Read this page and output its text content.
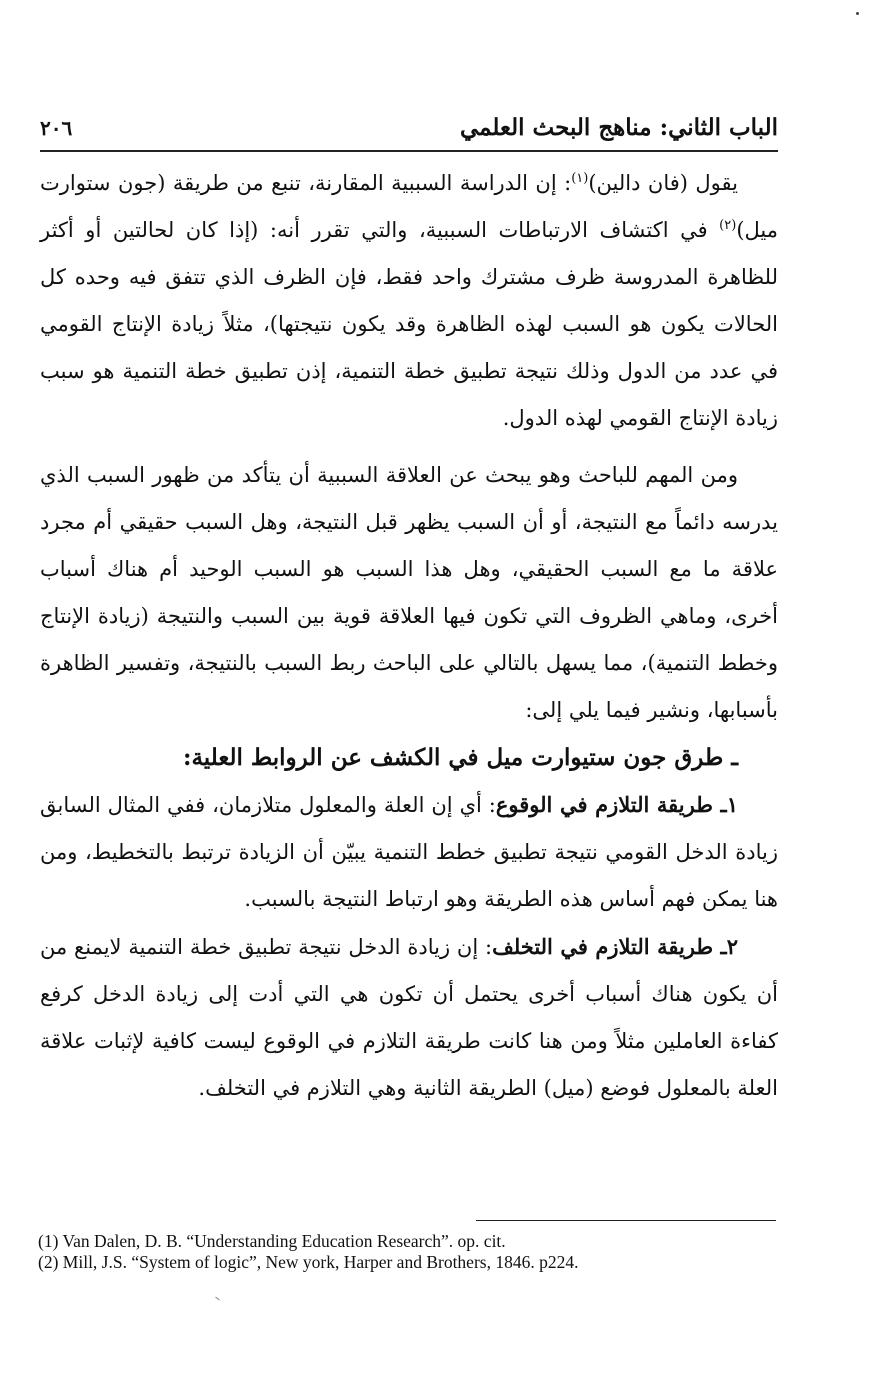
الباب الثاني: مناهج البحث العلمي
٢٠٦

يقول (فان دالين)$^{(١)}$: إن الدراسة السببية المقارنة، تنبع من طريقة (جون ستوارت ميل)$^{(٢)}$ في اكتشاف الارتباطات السببية، والتي تقرر أنه: (إذا كان لحالتين أو أكثر للظاهرة المدروسة ظرف مشترك واحد فقط، فإن الظرف الذي تتفق فيه وحده كل الحالات يكون هو السبب لهذه الظاهرة وقد يكون نتيجتها)، مثلاً زيادة الإنتاج القومي في عدد من الدول وذلك نتيجة تطبيق خطة التنمية، إذن تطبيق خطة التنمية هو سبب زيادة الإنتاج القومي لهذه الدول.

ومن المهم للباحث وهو يبحث عن العلاقة السببية أن يتأكد من ظهور السبب الذي يدرسه دائماً مع النتيجة، أو أن السبب يظهر قبل النتيجة، وهل السبب حقيقي أم مجرد علاقة ما مع السبب الحقيقي، وهل هذا السبب هو السبب الوحيد أم هناك أسباب أخرى، وماهي الظروف التي تكون فيها العلاقة قوية بين السبب والنتيجة (زيادة الإنتاج وخطط التنمية)، مما يسهل بالتالي على الباحث ربط السبب بالنتيجة، وتفسير الظاهرة بأسبابها، ونشير فيما يلي إلى:

ـ طرق جون ستيوارت ميل في الكشف عن الروابط العلية:

١ـ طريقة التلازم في الوقوع: أي إن العلة والمعلول متلازمان، ففي المثال السابق زيادة الدخل القومي نتيجة تطبيق خطط التنمية يبيّن أن الزيادة ترتبط بالتخطيط، ومن هنا يمكن فهم أساس هذه الطريقة وهو ارتباط النتيجة بالسبب.

٢ـ طريقة التلازم في التخلف: إن زيادة الدخل نتيجة تطبيق خطة التنمية لايمنع من أن يكون هناك أسباب أخرى يحتمل أن تكون هي التي أدت إلى زيادة الدخل كرفع كفاءة العاملين مثلاً ومن هنا كانت طريقة التلازم في الوقوع ليست كافية لإثبات علاقة العلة بالمعلول فوضع (ميل) الطريقة الثانية وهي التلازم في التخلف.

(1) Van Dalen, D. B. “Understanding Education Research”. op. cit.
(2) Mill, J.S. “System of logic”, New york, Harper and Brothers, 1846. p224.
